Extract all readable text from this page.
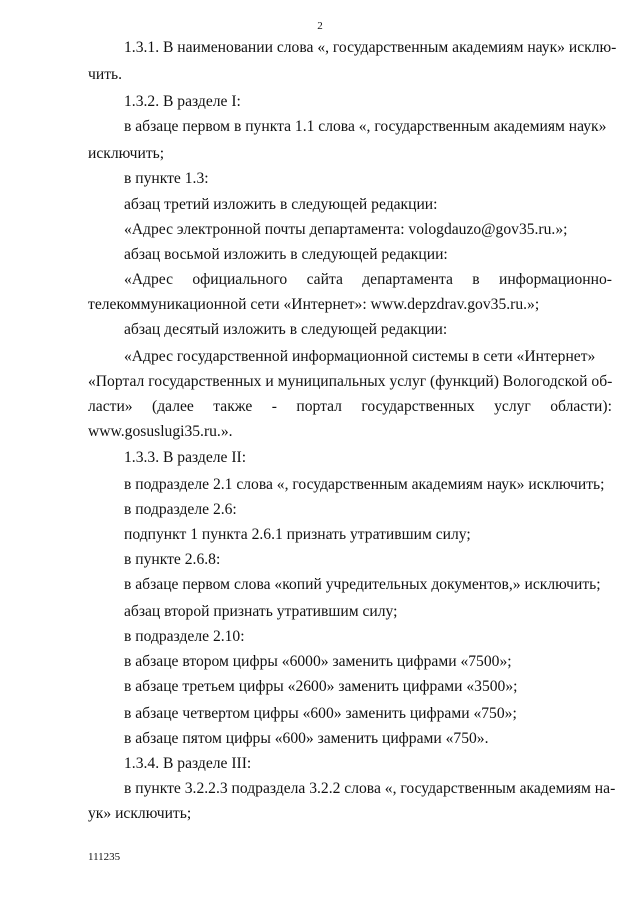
2
1.3.1. В наименовании слова «, государственным академиям наук» исклю-
чить.
1.3.2. В разделе I:
в абзаце первом в пункта 1.1 слова «, государственным академиям наук»
исключить;
в пункте 1.3:
абзац третий изложить в следующей редакции:
«Адрес электронной почты департамента: vologdauzo@gov35.ru.»;
абзац восьмой изложить в следующей редакции:
«Адрес официального сайта департамента в информационно-
телекоммуникационной сети «Интернет»: www.depzdrav.gov35.ru.»;
абзац десятый изложить в следующей редакции:
«Адрес государственной информационной системы в сети «Интернет»
«Портал государственных и муниципальных услуг (функций) Вологодской об-
ласти» (далее также - портал государственных услуг области):
www.gosuslugi35.ru.».
1.3.3. В разделе II:
в подразделе 2.1 слова «, государственным академиям наук» исключить;
в подразделе 2.6:
подпункт 1 пункта 2.6.1 признать утратившим силу;
в пункте 2.6.8:
в абзаце первом слова «копий учредительных документов,» исключить;
абзац второй признать утратившим силу;
в подразделе 2.10:
в абзаце втором цифры «6000» заменить цифрами «7500»;
в абзаце третьем цифры «2600» заменить цифрами «3500»;
в абзаце четвертом цифры «600» заменить цифрами «750»;
в абзаце пятом цифры «600» заменить цифрами «750».
1.3.4. В разделе III:
в пункте 3.2.2.3 подраздела 3.2.2 слова «, государственным академиям на-
ук» исключить;
111235
